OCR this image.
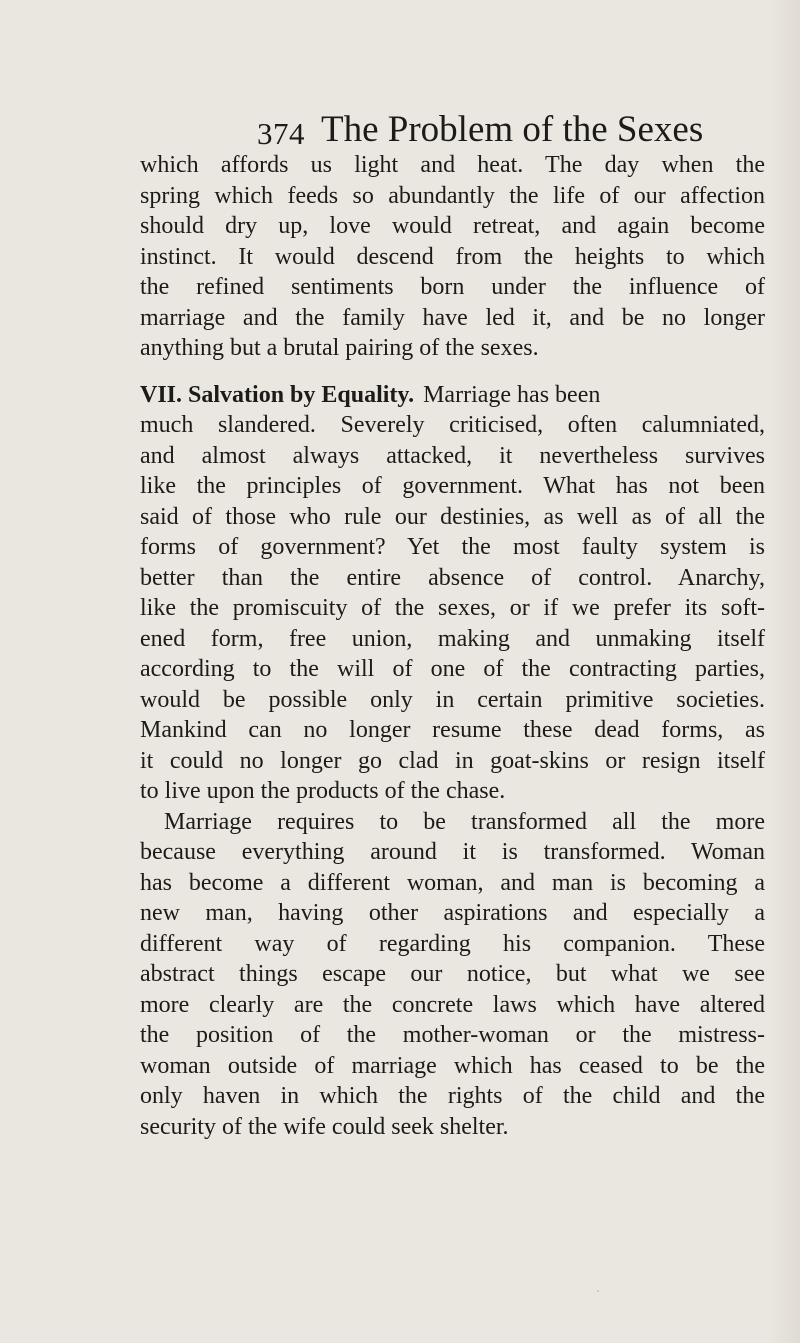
374 The Problem of the Sexes
which affords us light and heat. The day when the
spring which feeds so abundantly the life of our affection
should dry up, love would retreat, and again become
instinct. It would descend from the heights to which
the refined sentiments born under the influence of
marriage and the family have led it, and be no longer
anything but a brutal pairing of the sexes.
VII. Salvation by Equality. Marriage has been
much slandered. Severely criticised, often calumniated,
and almost always attacked, it nevertheless survives
like the principles of government. What has not been
said of those who rule our destinies, as well as of all the
forms of government? Yet the most faulty system is
better than the entire absence of control. Anarchy,
like the promiscuity of the sexes, or if we prefer its soft-
ened form, free union, making and unmaking itself
according to the will of one of the contracting parties,
would be possible only in certain primitive societies.
Mankind can no longer resume these dead forms, as
it could no longer go clad in goat-skins or resign itself
to live upon the products of the chase.
Marriage requires to be transformed all the more
because everything around it is transformed. Woman
has become a different woman, and man is becoming a
new man, having other aspirations and especially a
different way of regarding his companion. These
abstract things escape our notice, but what we see
more clearly are the concrete laws which have altered
the position of the mother-woman or the mistress-
woman outside of marriage which has ceased to be the
only haven in which the rights of the child and the
security of the wife could seek shelter.
